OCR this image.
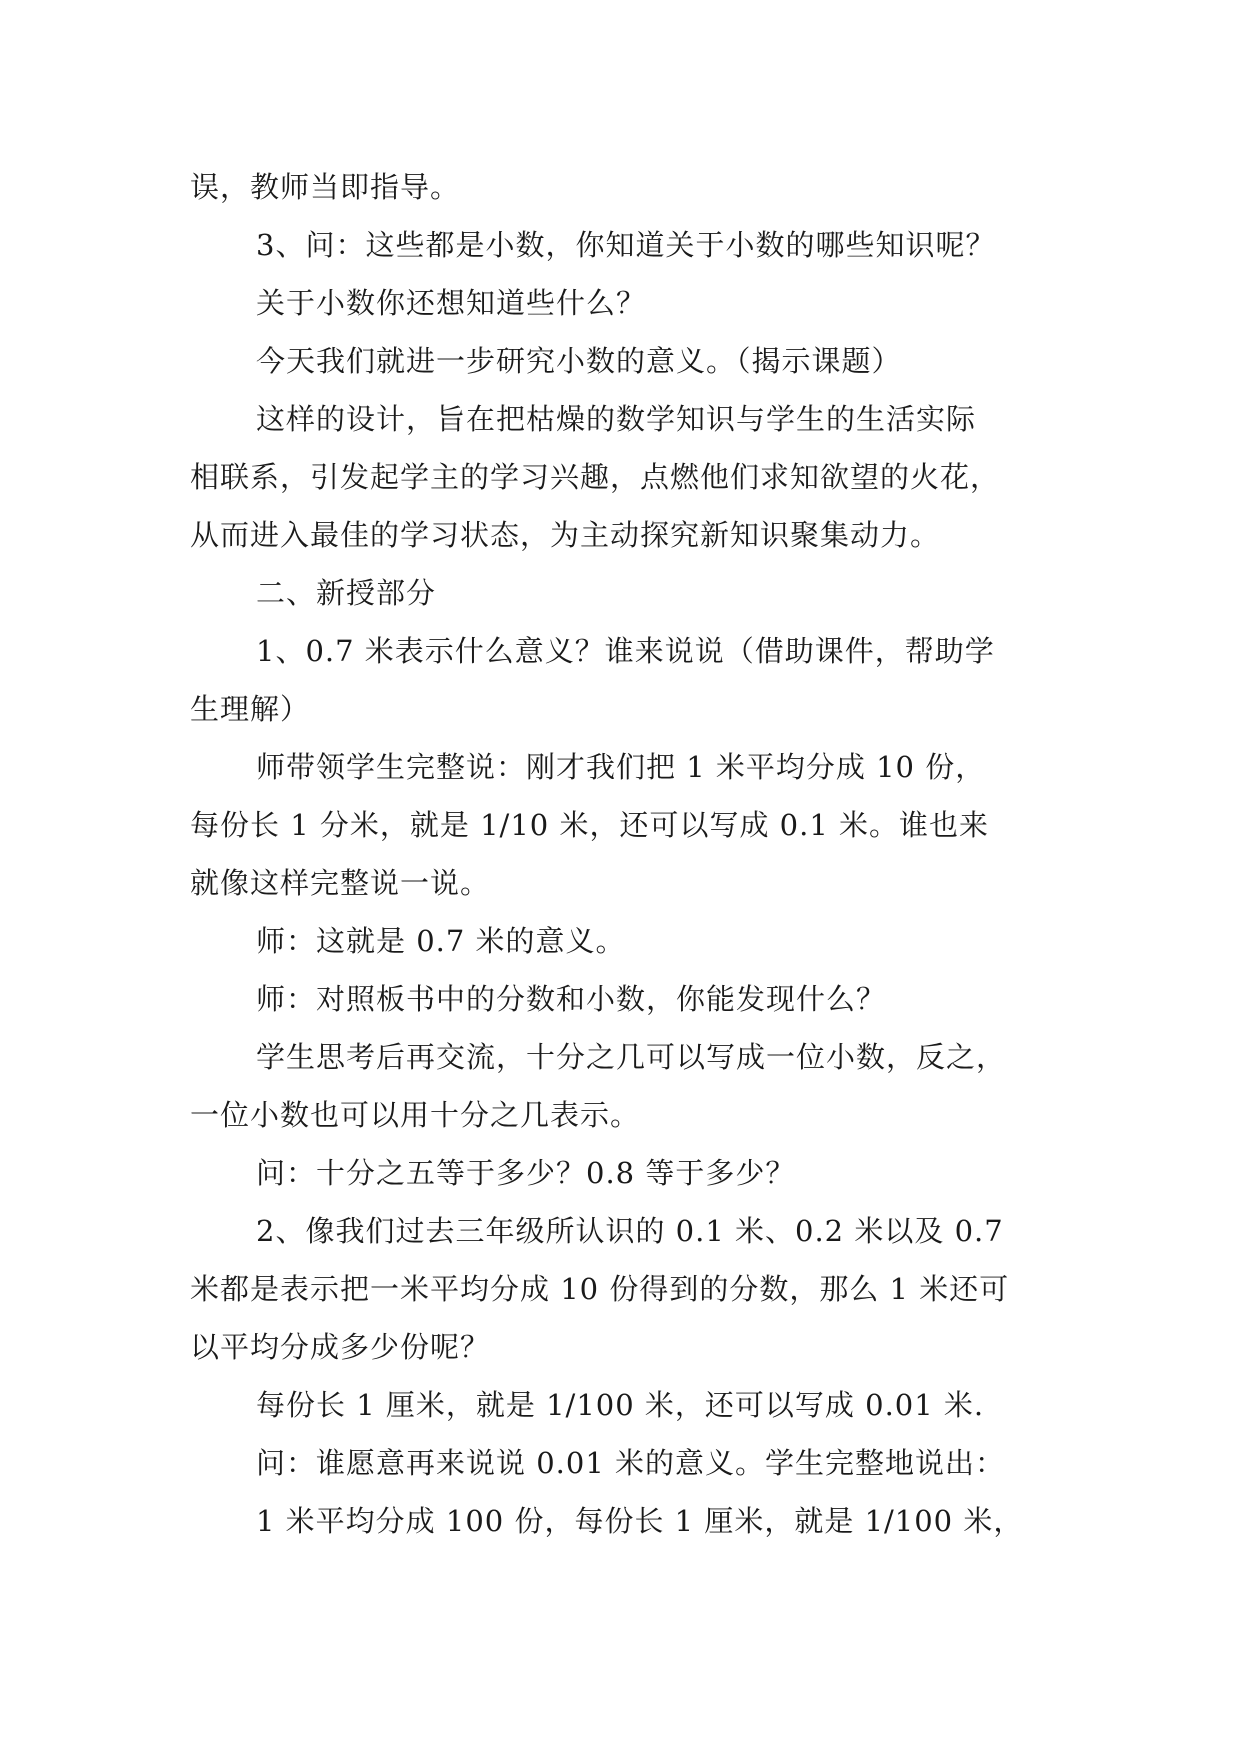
误，教师当即指导。
3、问：这些都是小数，你知道关于小数的哪些知识呢？
关于小数你还想知道些什么？
今天我们就进一步研究小数的意义。（揭示课题）
这样的设计，旨在把枯燥的数学知识与学生的生活实际
相联系，引发起学主的学习兴趣，点燃他们求知欲望的火花，
从而进入最佳的学习状态，为主动探究新知识聚集动力。
二、新授部分
1、0.7 米表示什么意义？谁来说说（借助课件，帮助学
生理解）
师带领学生完整说：刚才我们把 1 米平均分成 10 份，
每份长 1 分米，就是 1/10 米，还可以写成 0.1 米。谁也来
就像这样完整说一说。
师：这就是 0.7 米的意义。
师：对照板书中的分数和小数，你能发现什么？
学生思考后再交流，十分之几可以写成一位小数，反之，
一位小数也可以用十分之几表示。
问：十分之五等于多少？0.8 等于多少？
2、像我们过去三年级所认识的 0.1 米、0.2 米以及 0.7
米都是表示把一米平均分成 10 份得到的分数，那么 1 米还可
以平均分成多少份呢？
每份长 1 厘米，就是 1/100 米，还可以写成 0.01 米.
问：谁愿意再来说说 0.01 米的意义。学生完整地说出：
1 米平均分成 100 份，每份长 1 厘米，就是 1/100 米，
